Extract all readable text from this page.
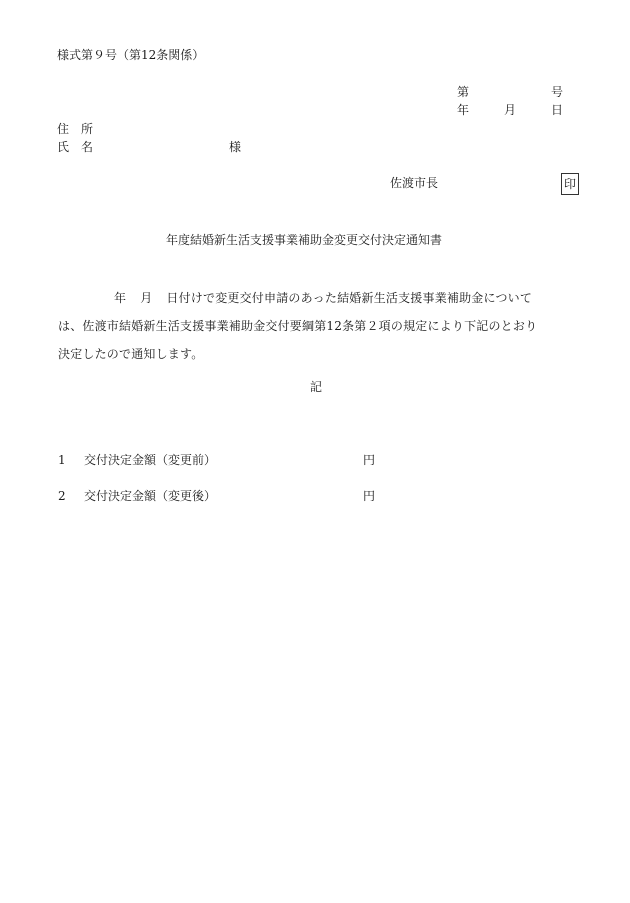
様式第９号（第12条関係）
第	号
年	月	日
住　所
氏　名	様
佐渡市長	印
年度結婚新生活支援事業補助金変更交付決定通知書
年 月 日付けで変更交付申請のあった結婚新生活支援事業補助金について
は、佐渡市結婚新生活支援事業補助金交付要綱第12条第２項の規定により下記のとおり
決定したので通知します。
記
1 交付決定金額（変更前）	円
2 交付決定金額（変更後）	円
